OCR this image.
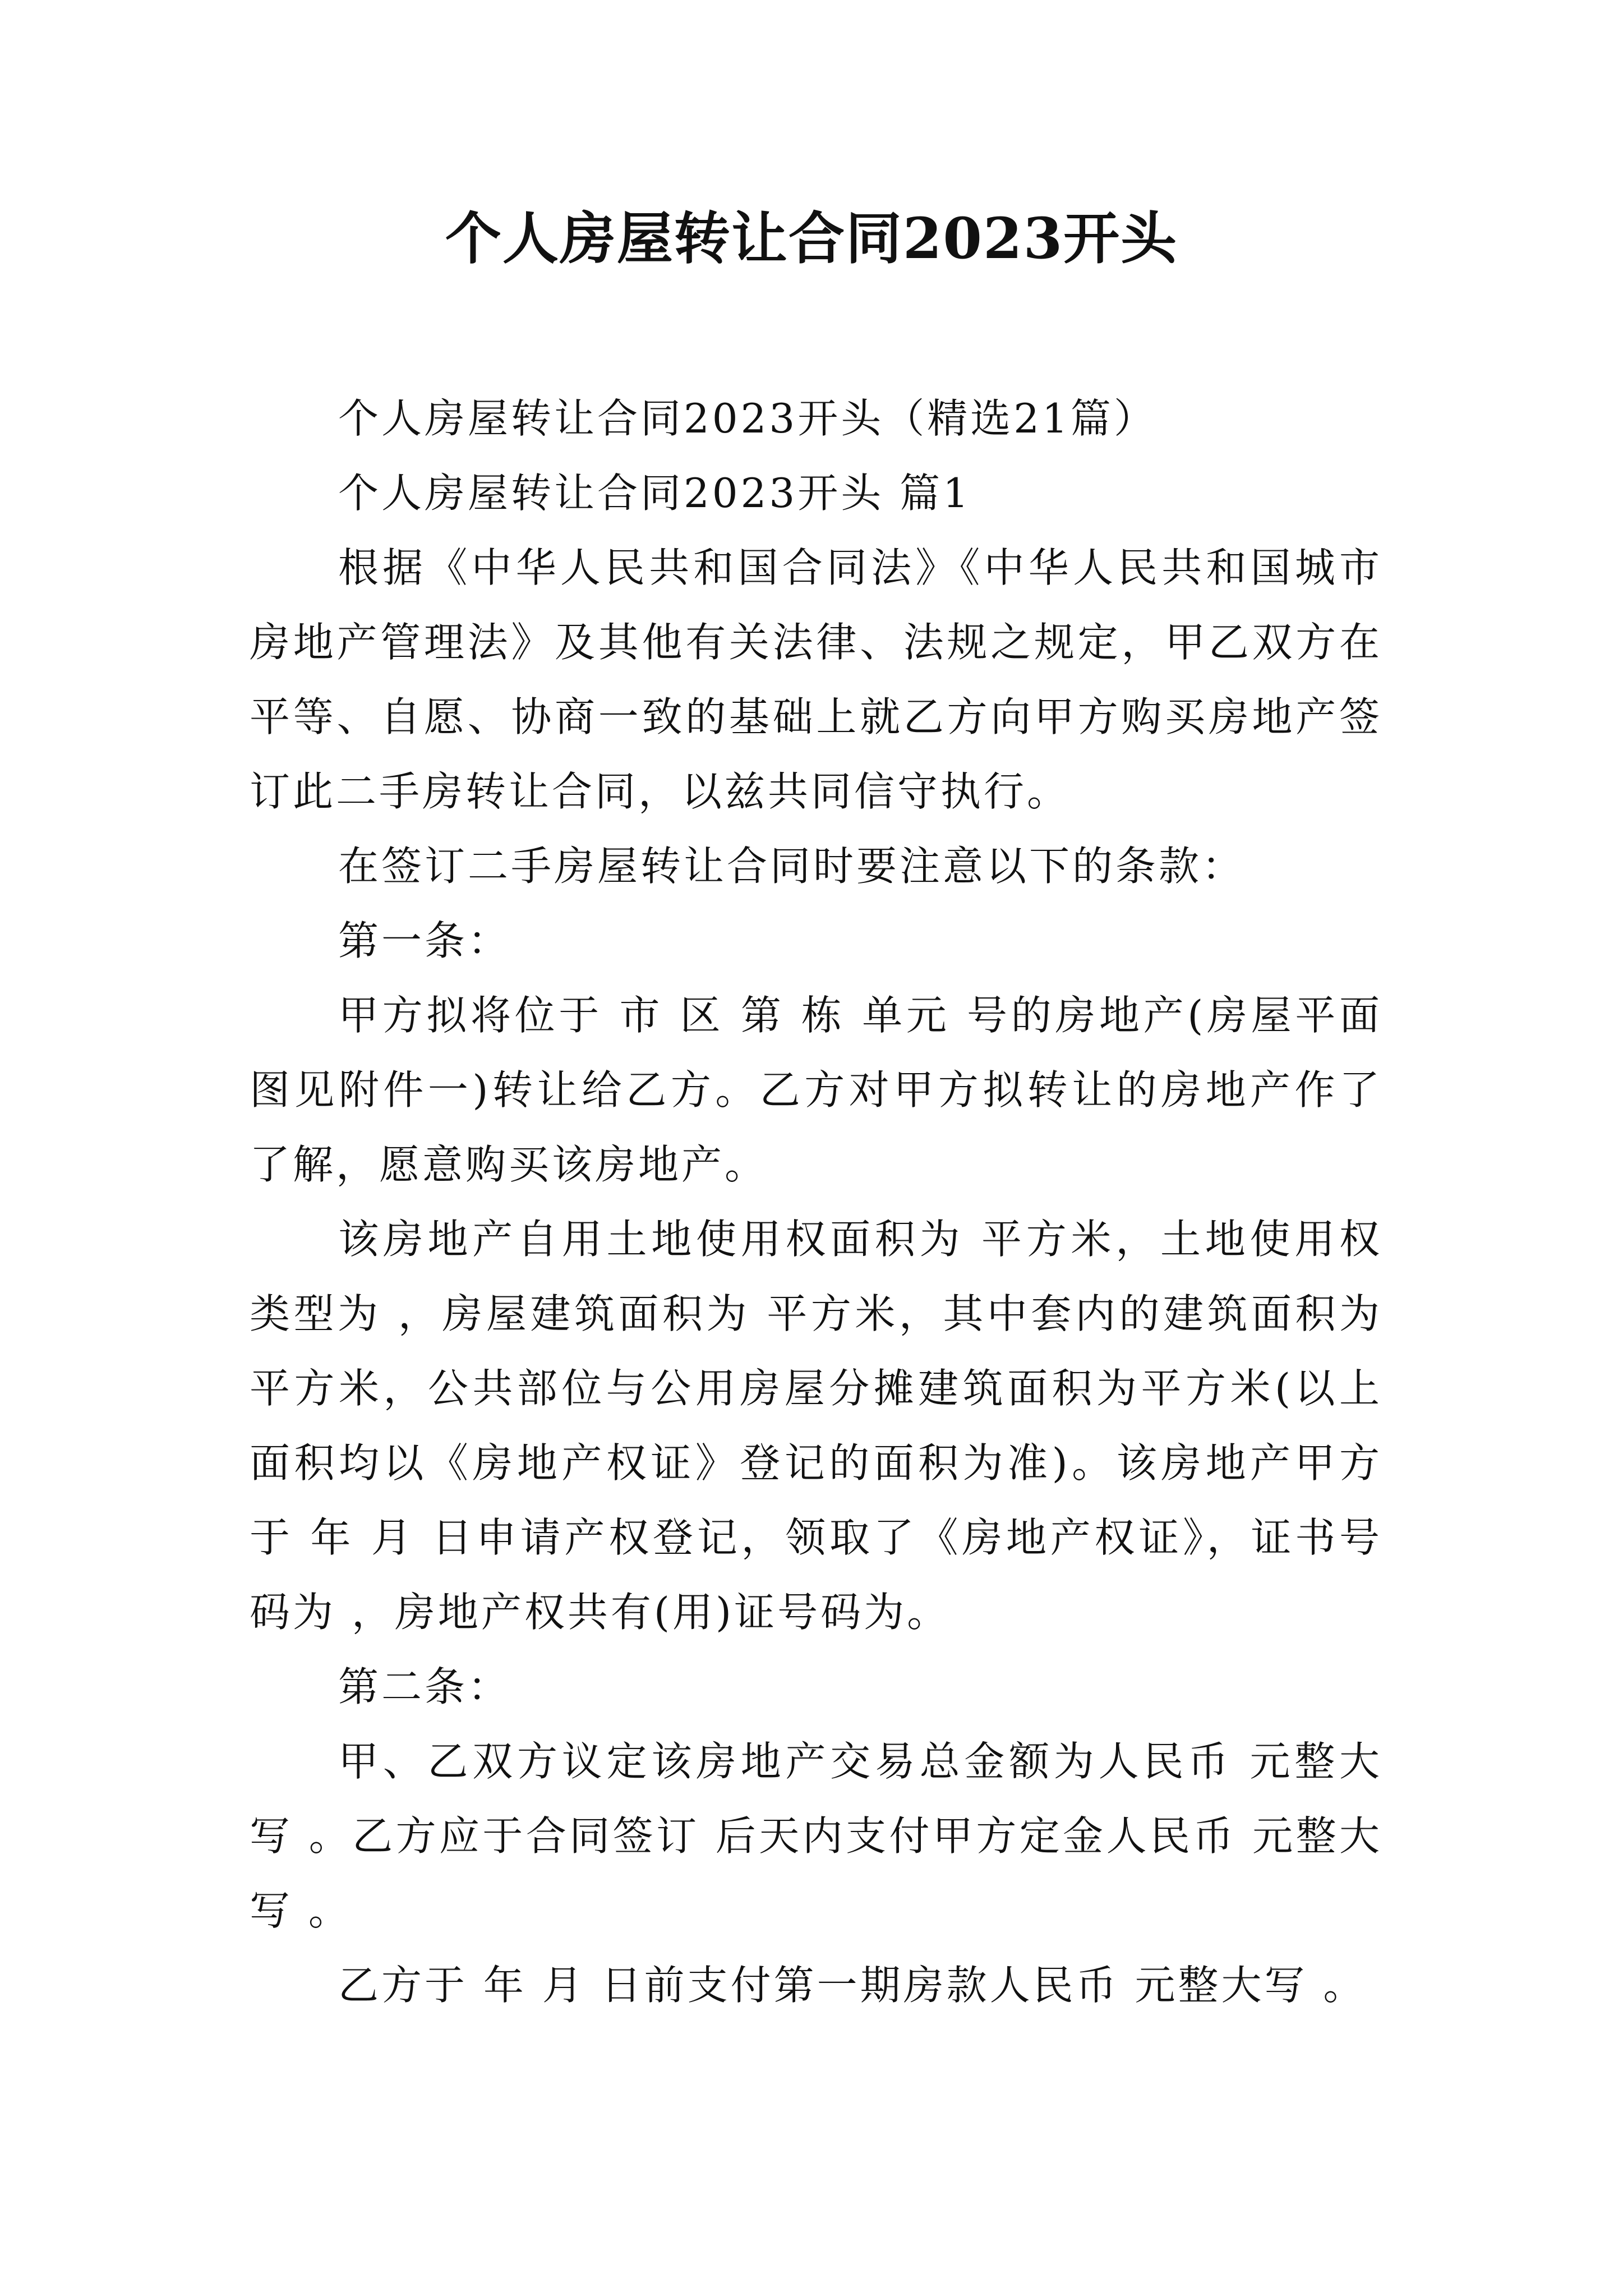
个人房屋转让合同2023开头

个人房屋转让合同2023开头（精选21篇）

个人房屋转让合同2023开头 篇1

根据《中华人民共和国合同法》《中华人民共和国城市房地产管理法》及其他有关法律、法规之规定，甲乙双方在平等、自愿、协商一致的基础上就乙方向甲方购买房地产签订此二手房转让合同，以兹共同信守执行。

在签订二手房屋转让合同时要注意以下的条款：

第一条：

甲方拟将位于 市 区 第 栋 单元 号的房地产(房屋平面图见附件一)转让给乙方。乙方对甲方拟转让的房地产作了了解，愿意购买该房地产。

该房地产自用土地使用权面积为 平方米，土地使用权类型为 ，房屋建筑面积为 平方米，其中套内的建筑面积为平方米，公共部位与公用房屋分摊建筑面积为平方米(以上面积均以《房地产权证》登记的面积为准)。该房地产甲方于 年 月 日申请产权登记，领取了《房地产权证》，证书号码为 ，房地产权共有(用)证号码为。

第二条：

甲、乙双方议定该房地产交易总金额为人民币 元整大写 。乙方应于合同签订 后天内支付甲方定金人民币 元整大写 。

乙方于 年 月 日前支付第一期房款人民币 元整大写 。
